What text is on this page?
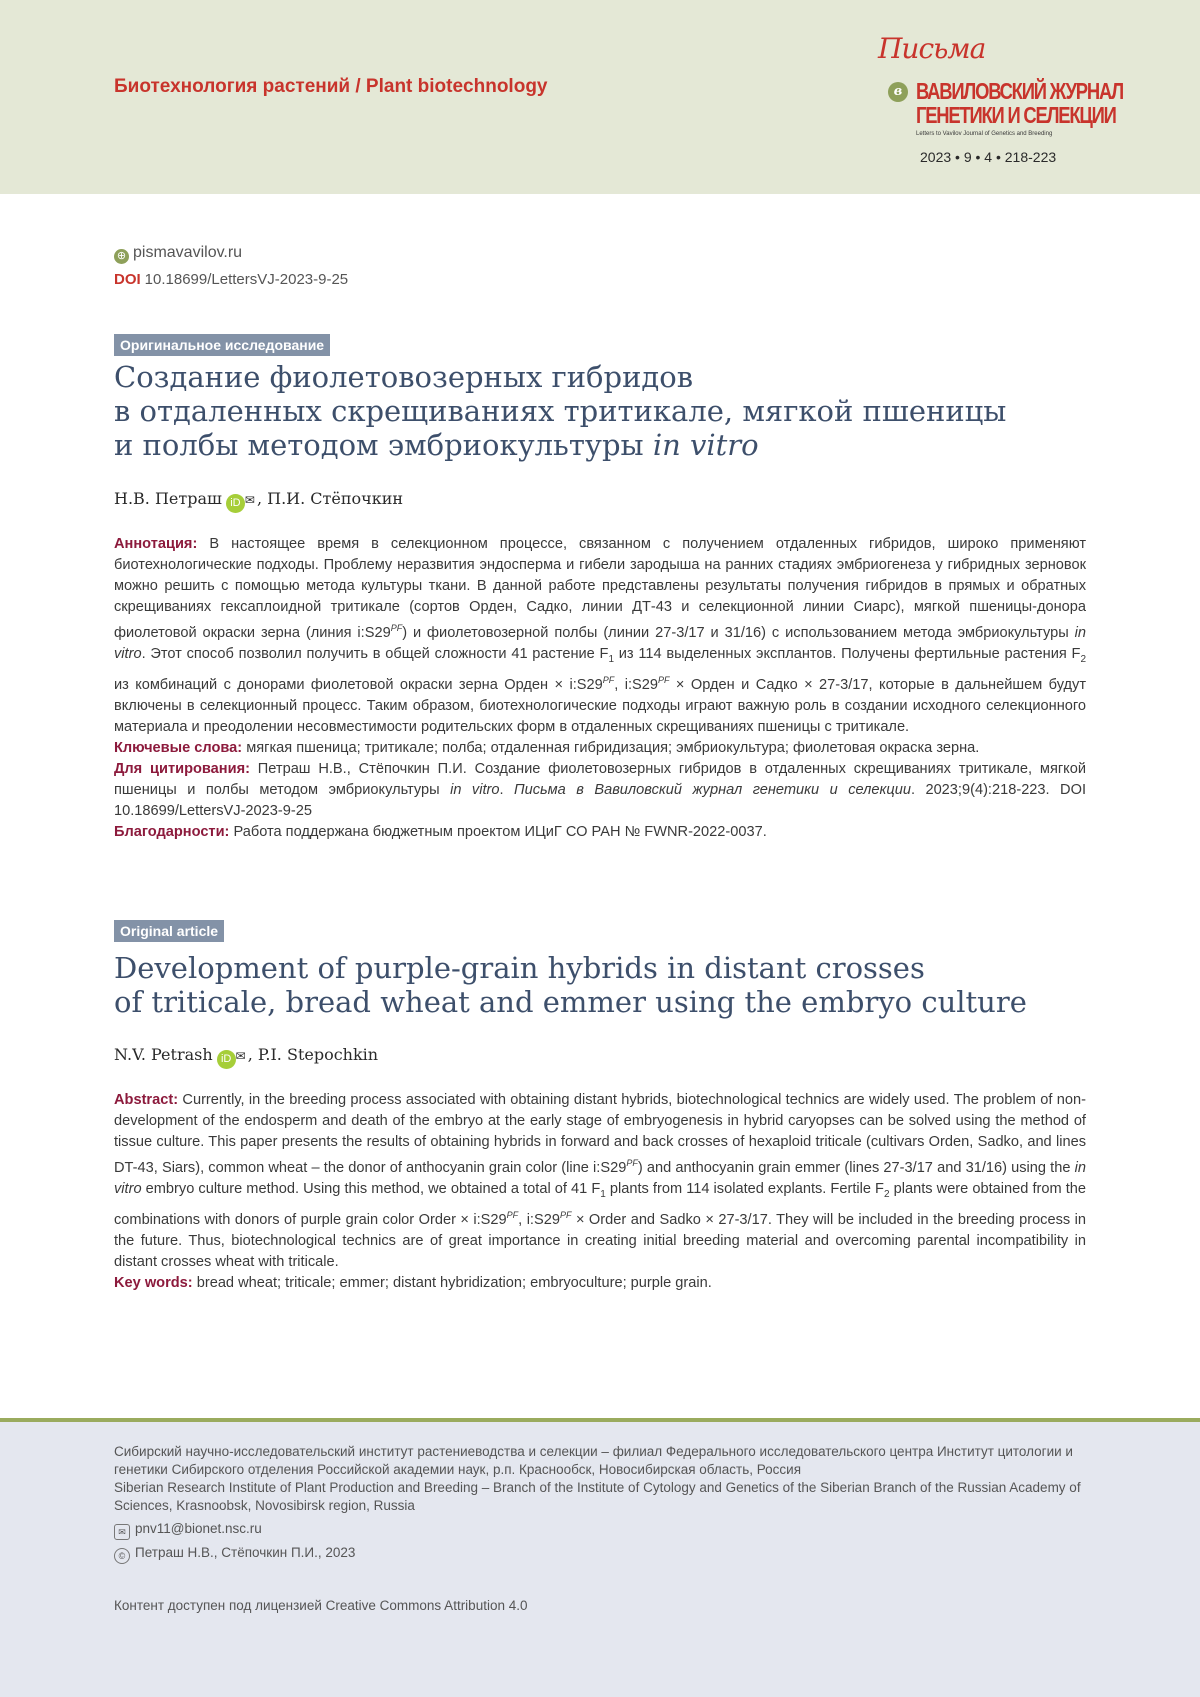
Биотехнология растений / Plant biotechnology
Письма
в ВАВИЛОВСКИЙ ЖУРНАЛ
ГЕНЕТИКИ И СЕЛЕКЦИИ
Letters to Vavilov Journal of Genetics and Breeding
2023 • 9 • 4 • 218-223
⊕ pismavavilov.ru
DOI 10.18699/LettersVJ-2023-9-25
Оригинальное исследование
Создание фиолетовозерных гибридов
в отдаленных скрещиваниях тритикале, мягкой пшеницы
и полбы методом эмбриокультуры in vitro
Н.В. Петраш iD ✉ , П.И. Стёпочкин

Аннотация: В настоящее время в селекционном процессе, связанном с получением отдаленных гибридов, широко применяют биотехнологические подходы. Проблему неразвития эндосперма и гибели зародыша на ранних стадиях эмбриогенеза у гибридных зерновок можно решить с помощью метода культуры ткани. В данной работе представлены результаты получения гибридов в прямых и обратных скрещиваниях гексаплоидной тритикале (сортов Орден, Садко, линии ДТ-43 и селекционной линии Сиарс), мягкой пшеницы-донора фиолетовой окраски зерна (линия $i:S29^{PF}$) и фиолетовозерной полбы (линии 27-3/17 и 31/16) с использованием метода эмбриокультуры in vitro. Этот способ позволил получить в общей сложности 41 растение $F_1$ из 114 выделенных эксплантов. Получены фертильные растения $F_2$ из комбинаций с донорами фиолетовой окраски зерна Орден × $i:S29^{PF}$, $i:S29^{PF}$ × Орден и Садко × 27-3/17, которые в дальнейшем будут включены в селекционный процесс. Таким образом, биотехнологические подходы играют важную роль в создании исходного селекционного материала и преодолении несовместимости родительских форм в отдаленных скрещиваниях пшеницы с тритикале.

Ключевые слова: мягкая пшеница; тритикале; полба; отдаленная гибридизация; эмбриокультура; фиолетовая окраска зерна.

Для цитирования: Петраш Н.В., Стёпочкин П.И. Создание фиолетовозерных гибридов в отдаленных скрещиваниях тритикале, мягкой пшеницы и полбы методом эмбриокультуры in vitro. Письма в Вавиловский журнал генетики и селекции. 2023;9(4):218-223. DOI 10.18699/LettersVJ-2023-9-25

Благодарности: Работа поддержана бюджетным проектом ИЦиГ СО РАН № FWNR-2022-0037.

Original article
Development of purple-grain hybrids in distant crosses
of triticale, bread wheat and emmer using the embryo culture
N.V. Petrash iD ✉ , P.I. Stepochkin

Abstract: Currently, in the breeding process associated with obtaining distant hybrids, biotechnological technics are widely used. The problem of non-development of the endosperm and death of the embryo at the early stage of embryogenesis in hybrid caryopses can be solved using the method of tissue culture. This paper presents the results of obtaining hybrids in forward and back crosses of hexaploid triticale (cultivars Orden, Sadko, and lines DT-43, Siars), common wheat – the donor of anthocyanin grain color (line $i:S29^{PF}$) and anthocyanin grain emmer (lines 27-3/17 and 31/16) using the in vitro embryo culture method. Using this method, we obtained a total of 41 $F_1$ plants from 114 isolated explants. Fertile $F_2$ plants were obtained from the combinations with donors of purple grain color Order × $i:S29^{PF}$, $i:S29^{PF}$ × Order and Sadko × 27-3/17. They will be included in the breeding process in the future. Thus, biotechnological technics are of great importance in creating initial breeding material and overcoming parental incompatibility in distant crosses wheat with triticale.

Key words: bread wheat; triticale; emmer; distant hybridization; embryoculture; purple grain.

Сибирский научно-исследовательский институт растениеводства и селекции – филиал Федерального исследовательского центра Институт цитологии и генетики Сибирского отделения Российской академии наук, р.п. Краснообск, Новосибирская область, Россия
Siberian Research Institute of Plant Production and Breeding – Branch of the Institute of Cytology and Genetics of the Siberian Branch of the Russian Academy of Sciences, Krasnoobsk, Novosibirsk region, Russia
✉ pnv11@bionet.nsc.ru
© Петраш Н.В., Стёпочкин П.И., 2023
Контент доступен под лицензией Creative Commons Attribution 4.0
